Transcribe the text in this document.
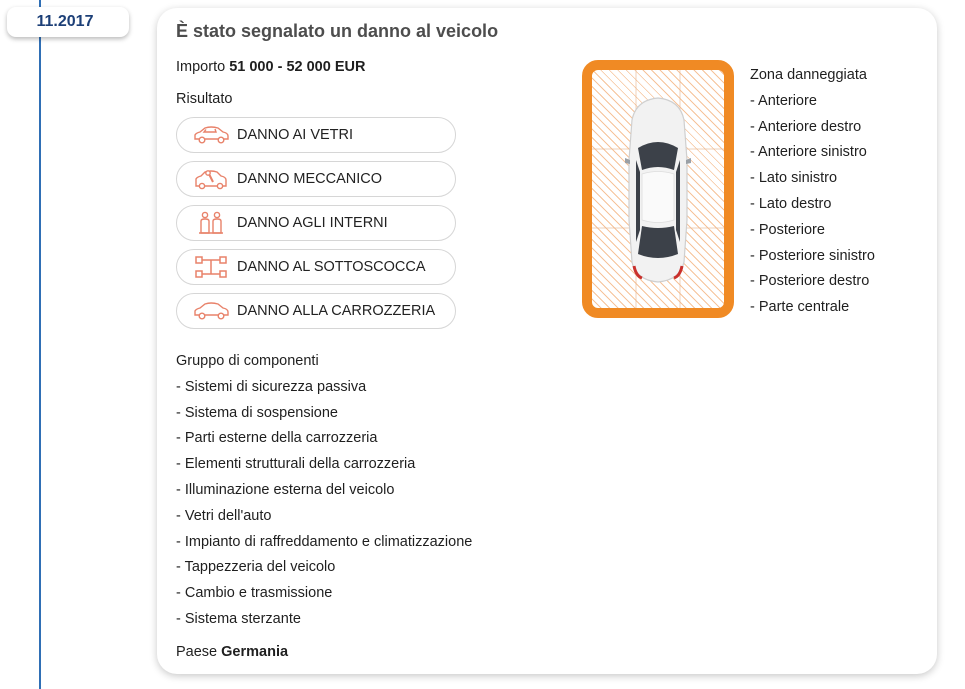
11.2017	È stato segnalato un danno al veicolo
Importo 51 000 - 52 000 EUR
Risultato
DANNO AI VETRI
DANNO MECCANICO
DANNO AGLI INTERNI
DANNO AL SOTTOSCOCCA
DANNO ALLA CARROZZERIA
Gruppo di componenti
- Sistemi di sicurezza passiva
- Sistema di sospensione
- Parti esterne della carrozzeria
- Elementi strutturali della carrozzeria
- Illuminazione esterna del veicolo
- Vetri dell'auto
- Impianto di raffreddamento e climatizzazione
- Tappezzeria del veicolo
- Cambio e trasmissione
- Sistema sterzante
Paese Germania
Zona danneggiata
- Anteriore
- Anteriore destro
- Anteriore sinistro
- Lato sinistro
- Lato destro
- Posteriore
- Posteriore sinistro
- Posteriore destro
- Parte centrale
